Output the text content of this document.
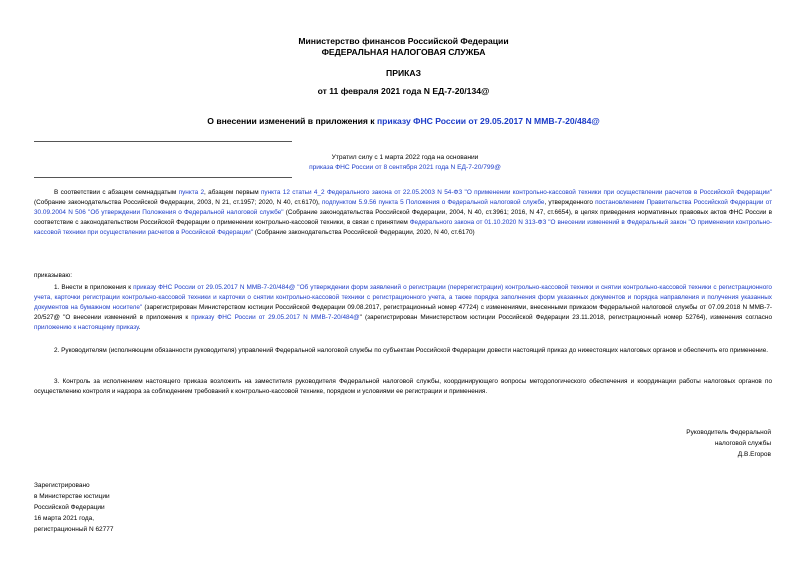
Министерство финансов Российской Федерации
ФЕДЕРАЛЬНАЯ НАЛОГОВАЯ СЛУЖБА
ПРИКАЗ
от 11 февраля 2021 года N ЕД-7-20/134@
О внесении изменений в приложения к приказу ФНС России от 29.05.2017 N ММВ-7-20/484@
Утратил силу с 1 марта 2022 года на основании
приказа ФНС России от 8 сентября 2021 года N ЕД-7-20/799@
В соответствии с абзацем семнадцатым пункта 2, абзацем первым пункта 12 статьи 4_2 Федерального закона от 22.05.2003 N 54-ФЗ "О применении контрольно-кассовой техники при осуществлении расчетов в Российской Федерации" (Собрание законодательства Российской Федерации, 2003, N 21, ст.1957; 2020, N 40, ст.6170), подпунктом 5.9.56 пункта 5 Положения о Федеральной налоговой службе, утвержденного постановлением Правительства Российской Федерации от 30.09.2004 N 506 "Об утверждении Положения о Федеральной налоговой службе" (Собрание законодательства Российской Федерации, 2004, N 40, ст.3961; 2016, N 47, ст.6654), в целях приведения нормативных правовых актов ФНС России в соответствие с законодательством Российской Федерации о применении контрольно-кассовой техники, в связи с принятием Федерального закона от 01.10.2020 N 313-ФЗ "О внесении изменений в Федеральный закон "О применении контрольно-кассовой техники при осуществлении расчетов в Российской Федерации" (Собрание законодательства Российской Федерации, 2020, N 40, ст.6170)
приказываю:
1. Внести в приложения к приказу ФНС России от 29.05.2017 N ММВ-7-20/484@ "Об утверждении форм заявлений о регистрации (перерегистрации) контрольно-кассовой техники и снятии контрольно-кассовой техники с регистрационного учета, карточки регистрации контрольно-кассовой техники и карточки о снятии контрольно-кассовой техники с регистрационного учета, а также порядка заполнения форм указанных документов и порядка направления и получения указанных документов на бумажном носителе" (зарегистрирован Министерством юстиции Российской Федерации 09.08.2017, регистрационный номер 47724) с изменениями, внесенными приказом Федеральной налоговой службы от 07.09.2018 N ММВ-7-20/527@ "О внесении изменений в приложения к приказу ФНС России от 29.05.2017 N ММВ-7-20/484@" (зарегистрирован Министерством юстиции Российской Федерации 23.11.2018, регистрационный номер 52764), изменения согласно приложению к настоящему приказу.
2. Руководителям (исполняющим обязанности руководителя) управлений Федеральной налоговой службы по субъектам Российской Федерации довести настоящий приказ до нижестоящих налоговых органов и обеспечить его применение.
3. Контроль за исполнением настоящего приказа возложить на заместителя руководителя Федеральной налоговой службы, координирующего вопросы методологического обеспечения и координации работы налоговых органов по осуществлению контроля и надзора за соблюдением требований к контрольно-кассовой технике, порядком и условиями ее регистрации и применения.
Руководитель Федеральной
налоговой службы
Д.В.Егоров
Зарегистрировано
в Министерстве юстиции
Российской Федерации
16 марта 2021 года,
регистрационный N 62777
